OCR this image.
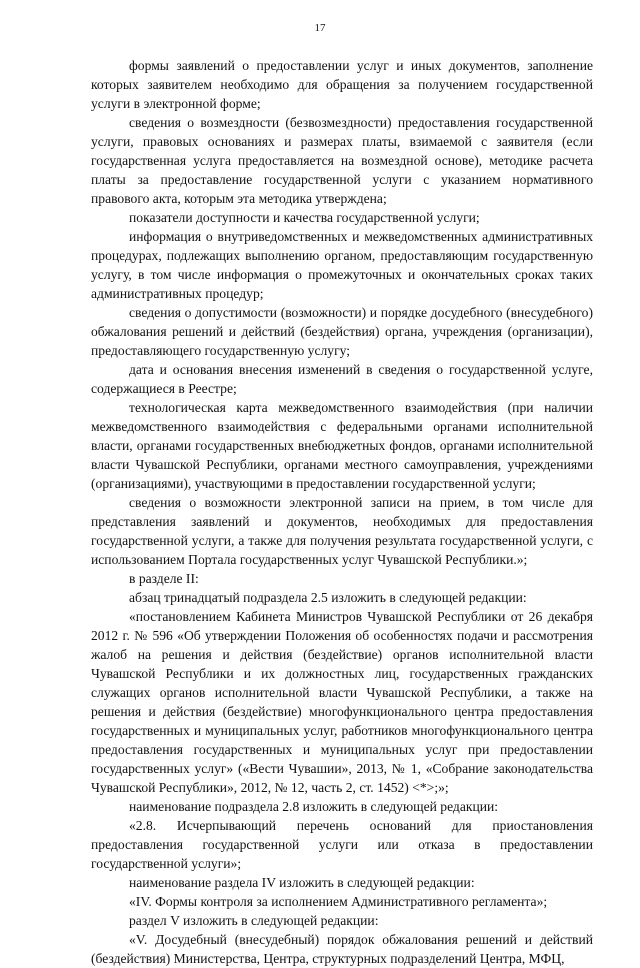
17

формы заявлений о предоставлении услуг и иных документов, заполнение которых заявителем необходимо для обращения за получением государственной услуги в электронной форме;

сведения о возмездности (безвозмездности) предоставления государственной услуги, правовых основаниях и размерах платы, взимаемой с заявителя (если государственная услуга предоставляется на возмездной основе), методике расчета платы за предоставление государственной услуги с указанием нормативного правового акта, которым эта методика утверждена;

показатели доступности и качества государственной услуги;

информация о внутриведомственных и межведомственных административных процедурах, подлежащих выполнению органом, предоставляющим государственную услугу, в том числе информация о промежуточных и окончательных сроках таких административных процедур;

сведения о допустимости (возможности) и порядке досудебного (внесудебного) обжалования решений и действий (бездействия) органа, учреждения (организации), предоставляющего государственную услугу;

дата и основания внесения изменений в сведения о государственной услуге, содержащиеся в Реестре;

технологическая карта межведомственного взаимодействия (при наличии межведомственного взаимодействия с федеральными органами исполнительной власти, органами государственных внебюджетных фондов, органами исполнительной власти Чувашской Республики, органами местного самоуправления, учреждениями (организациями), участвующими в предоставлении государственной услуги;

сведения о возможности электронной записи на прием, в том числе для представления заявлений и документов, необходимых для предоставления государственной услуги, а также для получения результата государственной услуги, с использованием Портала государственных услуг Чувашской Республики.»;

в разделе II:

абзац тринадцатый подраздела 2.5 изложить в следующей редакции:

«постановлением Кабинета Министров Чувашской Республики от 26 декабря 2012 г. № 596 «Об утверждении Положения об особенностях подачи и рассмотрения жалоб на решения и действия (бездействие) органов исполнительной власти Чувашской Республики и их должностных лиц, государственных гражданских служащих органов исполнительной власти Чувашской Республики, а также на решения и действия (бездействие) многофункционального центра предоставления государственных и муниципальных услуг, работников многофункционального центра предоставления государственных и муниципальных услуг при предоставлении государственных услуг» («Вести Чувашии», 2013, № 1, «Собрание законодательства Чувашской Республики», 2012, № 12, часть 2, ст. 1452) <*>;»;

наименование подраздела 2.8 изложить в следующей редакции:

«2.8. Исчерпывающий перечень оснований для приостановления предоставления государственной услуги или отказа в предоставлении государственной услуги»;

наименование раздела IV изложить в следующей редакции:

«IV. Формы контроля за исполнением Административного регламента»;

раздел V изложить в следующей редакции:

«V. Досудебный (внесудебный) порядок обжалования решений и действий (бездействия) Министерства, Центра, структурных подразделений Центра, МФЦ,
